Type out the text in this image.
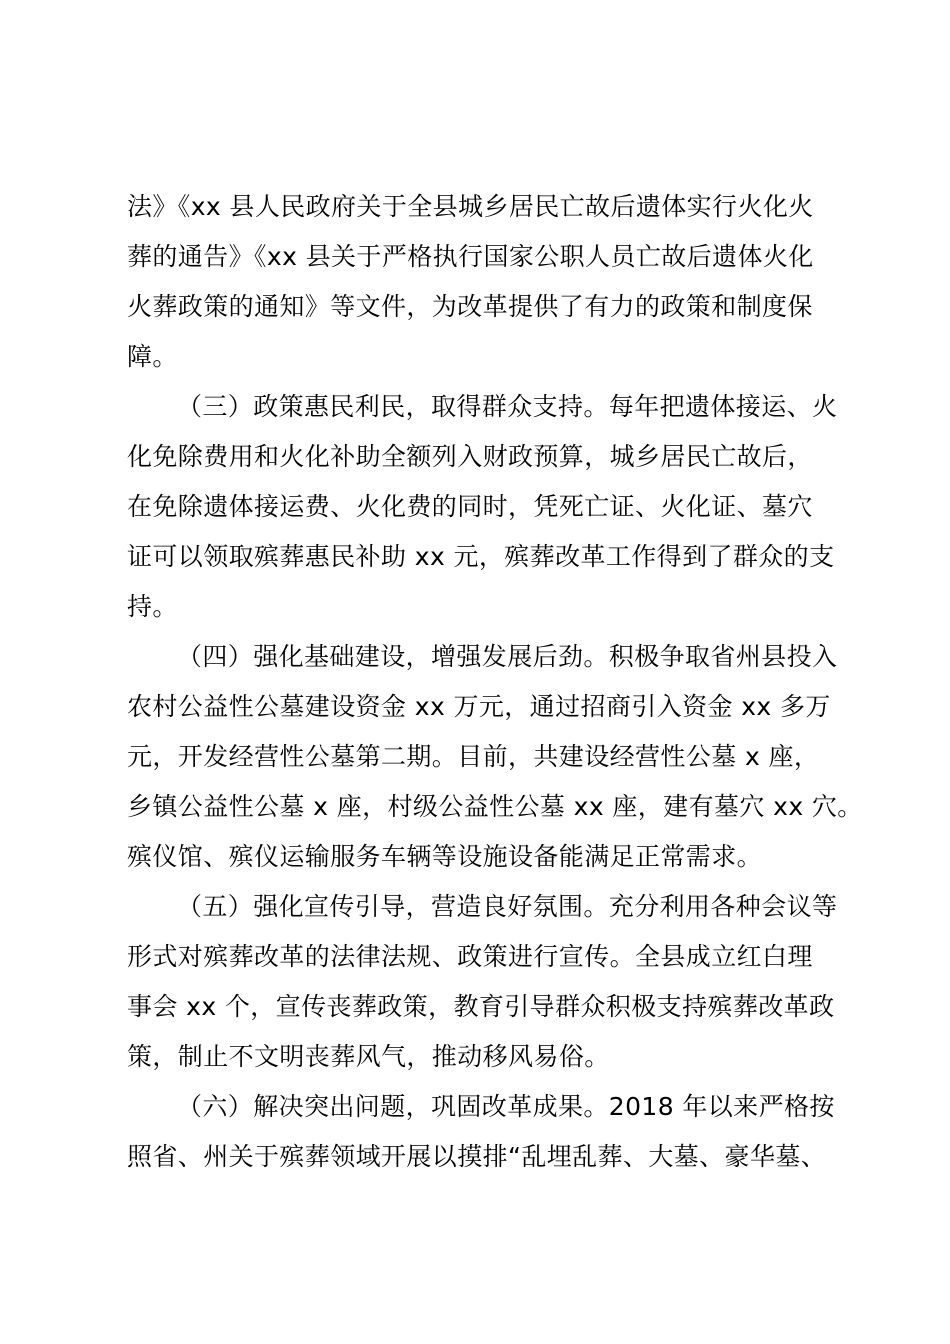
法》《xx 县人民政府关于全县城乡居民亡故后遗体实行火化火
葬的通告》《xx 县关于严格执行国家公职人员亡故后遗体火化
火葬政策的通知》等文件，为改革提供了有力的政策和制度保
障。
（三）政策惠民利民，取得群众支持。每年把遗体接运、火
化免除费用和火化补助全额列入财政预算，城乡居民亡故后，
在免除遗体接运费、火化费的同时，凭死亡证、火化证、墓穴
证可以领取殡葬惠民补助 xx 元，殡葬改革工作得到了群众的支
持。
（四）强化基础建设，增强发展后劲。积极争取省州县投入
农村公益性公墓建设资金 xx 万元，通过招商引入资金 xx 多万
元，开发经营性公墓第二期。目前，共建设经营性公墓 x 座，
乡镇公益性公墓 x 座，村级公益性公墓 xx 座，建有墓穴 xx 穴。
殡仪馆、殡仪运输服务车辆等设施设备能满足正常需求。
（五）强化宣传引导，营造良好氛围。充分利用各种会议等
形式对殡葬改革的法律法规、政策进行宣传。全县成立红白理
事会 xx 个，宣传丧葬政策，教育引导群众积极支持殡葬改革政
策，制止不文明丧葬风气，推动移风易俗。
（六）解决突出问题，巩固改革成果。2018 年以来严格按
照省、州关于殡葬领域开展以摸排“乱埋乱葬、大墓、豪华墓、
